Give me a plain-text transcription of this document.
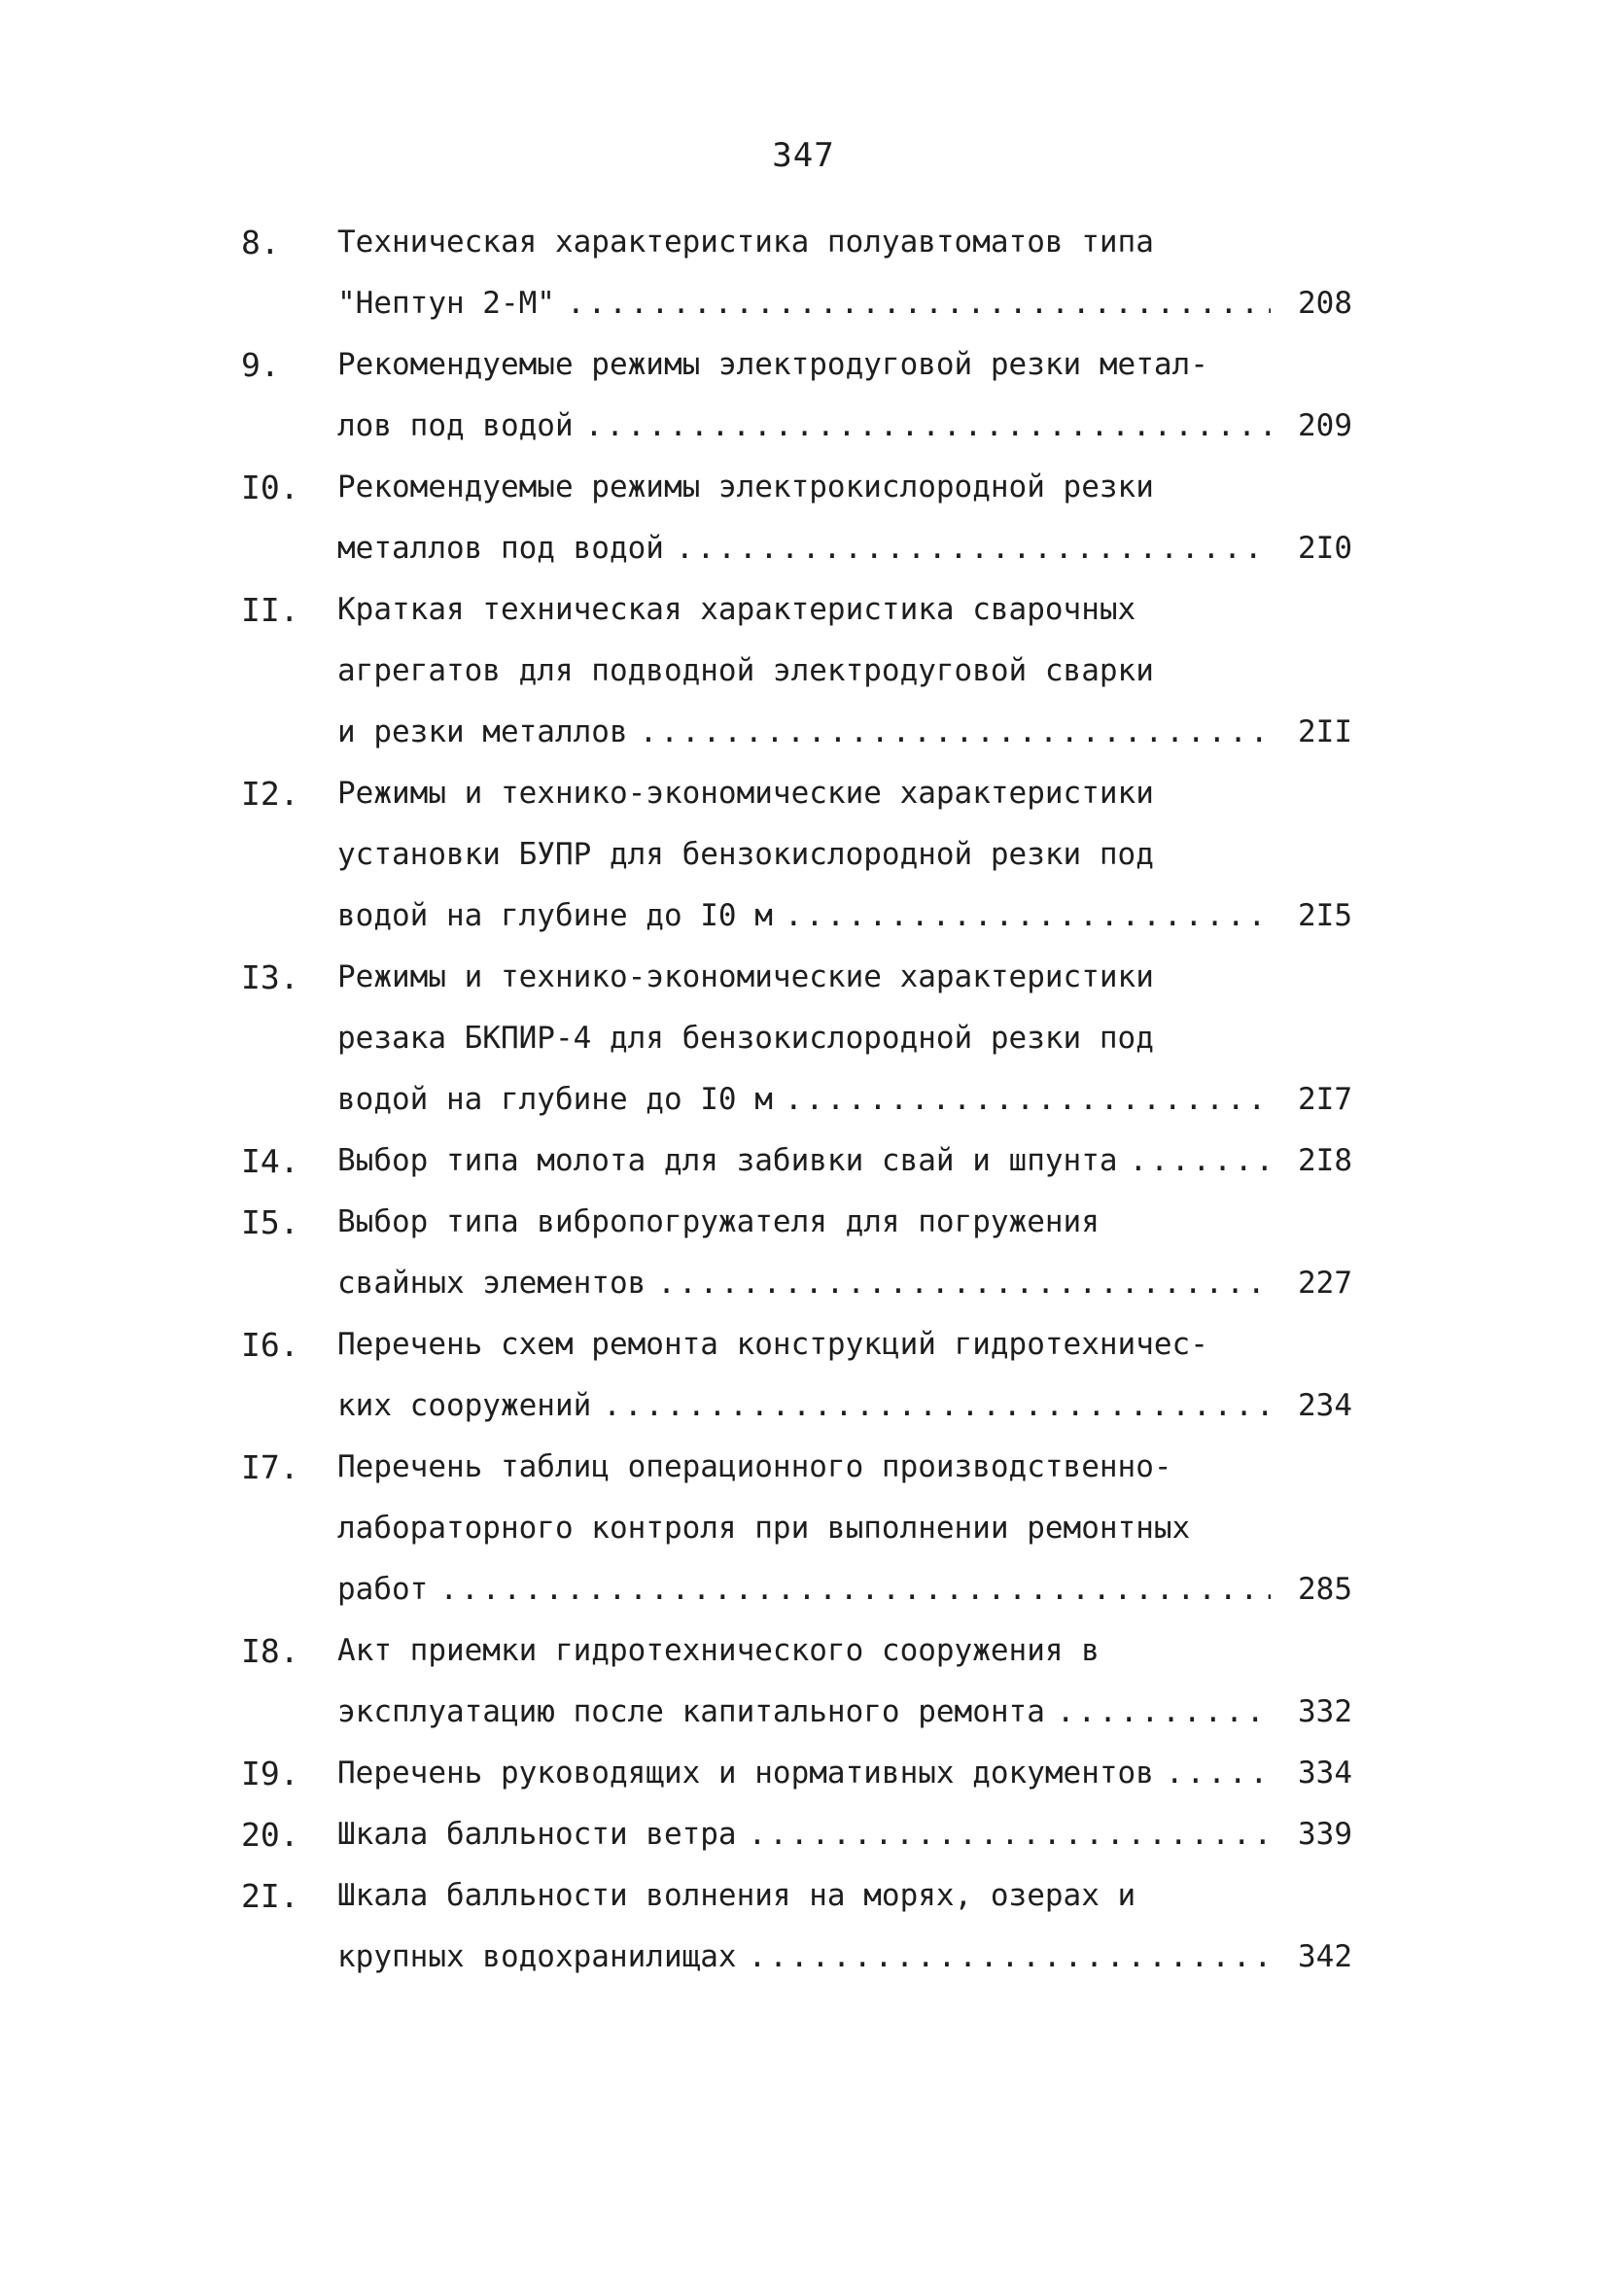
347
8.	Техническая характеристика полуавтоматов типа
"Нептун 2-М" .....	208
9.	Рекомендуемые режимы электродуговой резки метал-
лов под водой .....	209
I0.	Рекомендуемые режимы электрокислородной резки
металлов под водой .....	2I0
II.	Краткая техническая характеристика сварочных
агрегатов для подводной электродуговой сварки
и резки металлов .....	2II
I2.	Режимы и технико-экономические характеристики
установки БУПР для бензокислородной резки под
водой на глубине до I0 м .....	2I5
I3.	Режимы и технико-экономические характеристики
резака БКПИР-4 для бензокислородной резки под
водой на глубине до I0 м .....	2I7
I4.	Выбор типа молота для забивки свай и шпунта .....	2I8
I5.	Выбор типа вибропогружателя для погружения
свайных элементов .....	227
I6.	Перечень схем ремонта конструкций гидротехничес-
ких сооружений .....	234
I7.	Перечень таблиц операционного производственно-
лабораторного контроля при выполнении ремонтных
работ .....	285
I8.	Акт приемки гидротехнического сооружения в
эксплуатацию после капитального ремонта .....	332
I9.	Перечень руководящих и нормативных документов .....	334
20.	Шкала балльности ветра .....	339
2I.	Шкала балльности волнения на морях, озерах и
крупных водохранилищах .....	342
